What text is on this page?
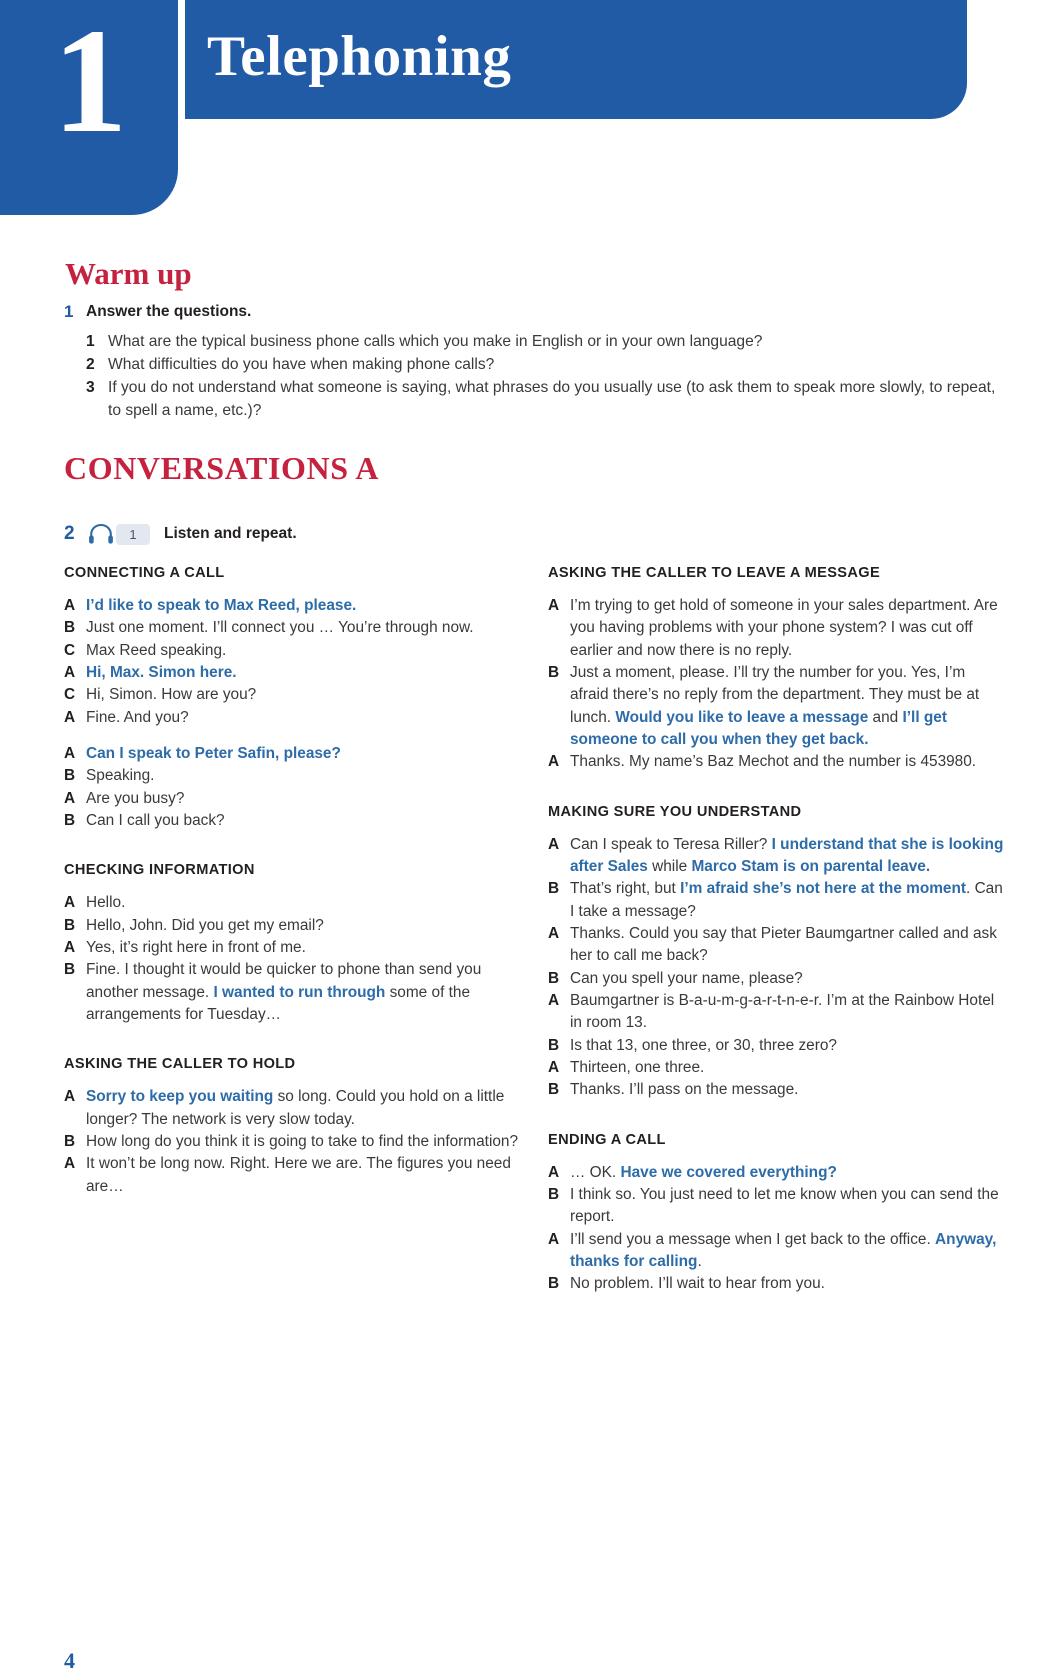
1	Telephoning
Warm up
1 Answer the questions.
1 What are the typical business phone calls which you make in English or in your own language?
2 What difficulties do you have when making phone calls?
3 If you do not understand what someone is saying, what phrases do you usually use (to ask them to speak more slowly, to repeat, to spell a name, etc.)?
CONVERSATIONS A
2	1	Listen and repeat.
CONNECTING A CALL
A I’d like to speak to Max Reed, please.
B Just one moment. I’ll connect you … You’re through now.
C Max Reed speaking.
A Hi, Max. Simon here.
C Hi, Simon. How are you?
A Fine. And you?
A Can I speak to Peter Safin, please?
B Speaking.
A Are you busy?
B Can I call you back?
CHECKING INFORMATION
A Hello.
B Hello, John. Did you get my email?
A Yes, it’s right here in front of me.
B Fine. I thought it would be quicker to phone than send you another message. I wanted to run through some of the arrangements for Tuesday…
ASKING THE CALLER TO HOLD
A Sorry to keep you waiting so long. Could you hold on a little longer? The network is very slow today.
B How long do you think it is going to take to find the information?
A It won’t be long now. Right. Here we are. The figures you need are…
ASKING THE CALLER TO LEAVE A MESSAGE
A I’m trying to get hold of someone in your sales department. Are you having problems with your phone system? I was cut off earlier and now there is no reply.
B Just a moment, please. I’ll try the number for you. Yes, I’m afraid there’s no reply from the department. They must be at lunch. Would you like to leave a message and I’ll get someone to call you when they get back.
A Thanks. My name’s Baz Mechot and the number is 453980.
MAKING SURE YOU UNDERSTAND
A Can I speak to Teresa Riller? I understand that she is looking after Sales while Marco Stam is on parental leave.
B That’s right, but I’m afraid she’s not here at the moment. Can I take a message?
A Thanks. Could you say that Pieter Baumgartner called and ask her to call me back?
B Can you spell your name, please?
A Baumgartner is B-a-u-m-g-a-r-t-n-e-r. I’m at the Rainbow Hotel in room 13.
B Is that 13, one three, or 30, three zero?
A Thirteen, one three.
B Thanks. I’ll pass on the message.
ENDING A CALL
A … OK. Have we covered everything?
B I think so. You just need to let me know when you can send the report.
A I’ll send you a message when I get back to the office. Anyway, thanks for calling.
B No problem. I’ll wait to hear from you.
4
